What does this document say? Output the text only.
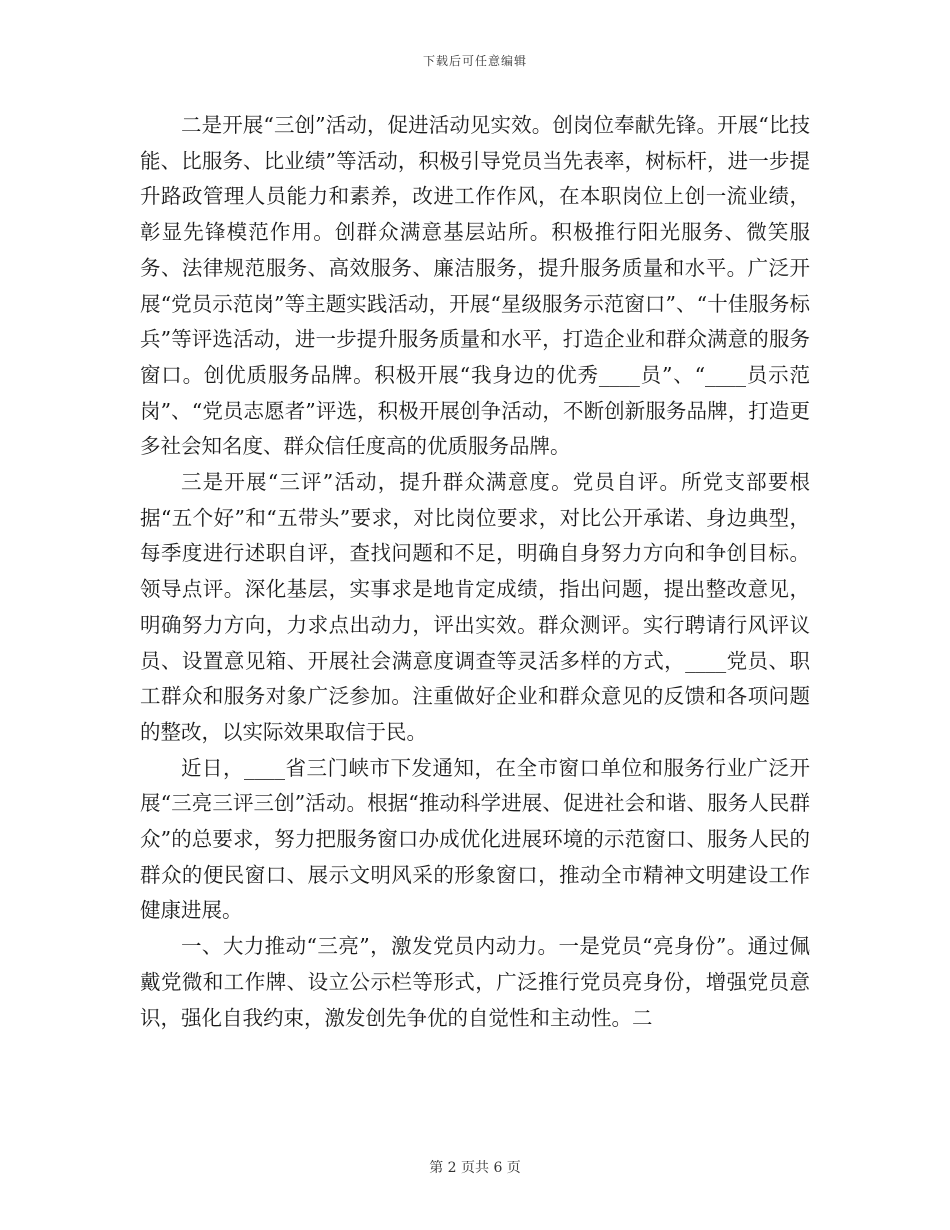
下载后可任意编辑

二是开展“三创”活动，促进活动见实效。创岗位奉献先锋。开展“比技能、比服务、比业绩”等活动，积极引导党员当先表率，树标杆，进一步提升路政管理人员能力和素养，改进工作作风，在本职岗位上创一流业绩，彰显先锋模范作用。创群众满意基层站所。积极推行阳光服务、微笑服务、法律规范服务、高效服务、廉洁服务，提升服务质量和水平。广泛开展“党员示范岗”等主题实践活动，开展“星级服务示范窗口”、“十佳服务标兵”等评选活动，进一步提升服务质量和水平，打造企业和群众满意的服务窗口。创优质服务品牌。积极开展“我身边的优秀____员”、“____员示范岗”、“党员志愿者”评选，积极开展创争活动，不断创新服务品牌，打造更多社会知名度、群众信任度高的优质服务品牌。

三是开展“三评”活动，提升群众满意度。党员自评。所党支部要根据“五个好”和“五带头”要求，对比岗位要求，对比公开承诺、身边典型，每季度进行述职自评，查找问题和不足，明确自身努力方向和争创目标。领导点评。深化基层，实事求是地肯定成绩，指出问题，提出整改意见，明确努力方向，力求点出动力，评出实效。群众测评。实行聘请行风评议员、设置意见箱、开展社会满意度调查等灵活多样的方式，____党员、职工群众和服务对象广泛参加。注重做好企业和群众意见的反馈和各项问题的整改，以实际效果取信于民。

近日，____省三门峡市下发通知，在全市窗口单位和服务行业广泛开展“三亮三评三创”活动。根据“推动科学进展、促进社会和谐、服务人民群众”的总要求，努力把服务窗口办成优化进展环境的示范窗口、服务人民的群众的便民窗口、展示文明风采的形象窗口，推动全市精神文明建设工作健康进展。

一、大力推动“三亮”，激发党员内动力。一是党员“亮身份”。通过佩戴党微和工作牌、设立公示栏等形式，广泛推行党员亮身份，增强党员意识，强化自我约束，激发创先争优的自觉性和主动性。二

第 2 页共 6 页
